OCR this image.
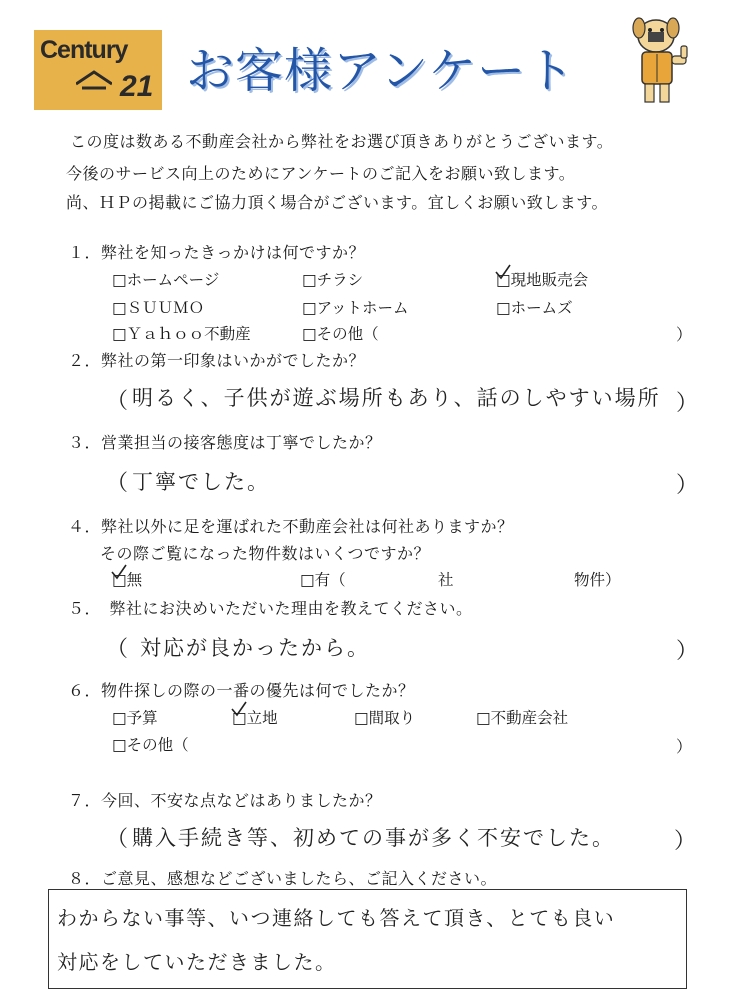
Century
21 お客様アンケート
この度は数ある不動産会社から弊社をお選び頂きありがとうございます。
今後のサービス向上のためにアンケートのご記入をお願い致します。
尚、ＨＰの掲載にご協力頂く場合がございます。宜しくお願い致します。
１．弊社を知ったきっかけは何ですか？
□ホームページ	□チラシ	□現地販売会
□ＳＵＵＭＯ	□アットホーム	□ホームズ
□Ｙａｈｏｏ不動産	□その他（	）
２．弊社の第一印象はいかがでしたか？
（ 明るく、子供が遊ぶ場所もあり、話のしやすい場所 ）
３．営業担当の接客態度は丁寧でしたか？
（ 丁寧でした。	）
４．弊社以外に足を運ばれた不動産会社は何社ありますか？
その際ご覧になった物件数はいくつですか？
□無	□有（	社	物件）
５．　弊社にお決めいただいた理由を教えてください。
（ 対応が良かったから。	）
６．物件探しの際の一番の優先は何でしたか？
□予算	□立地	□間取り	□不動産会社
□その他（	）
７．今回、不安な点などはありましたか？
（ 購入手続き等、初めての事が多く不安でした。	）
８．ご意見、感想などございましたら、ご記入ください。
わからない事等、いつ連絡しても答えて頂き、とても良い
対応をしていただきました。
